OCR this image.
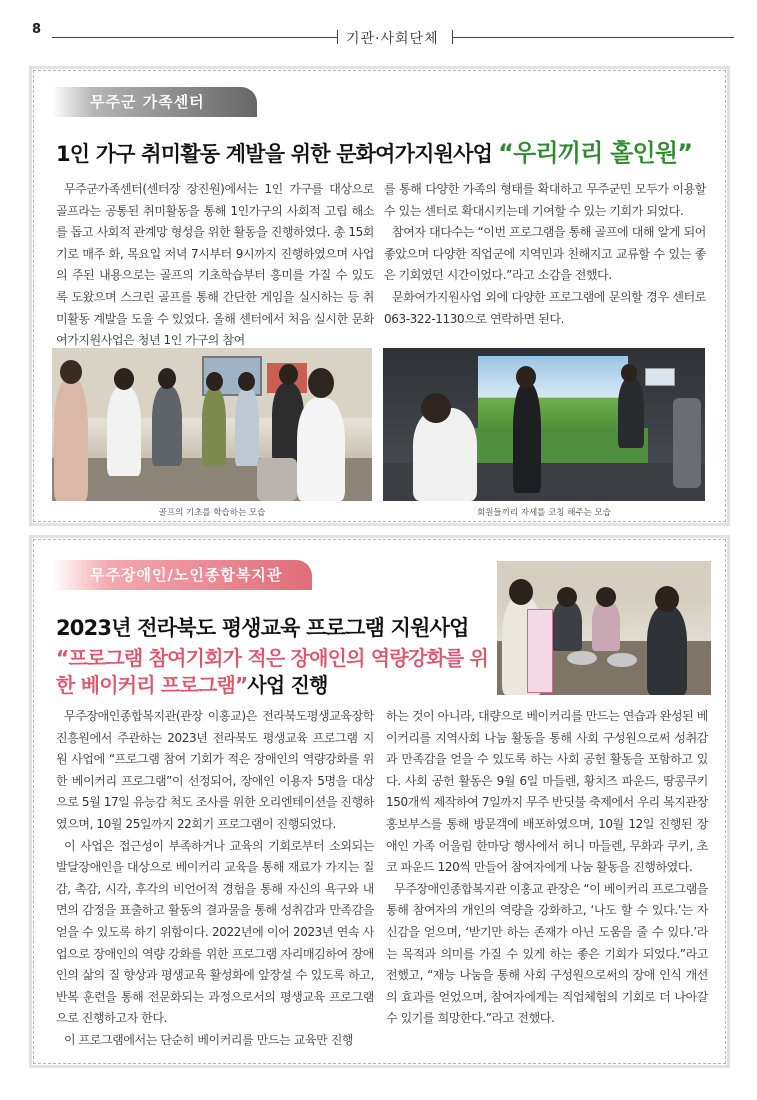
8
기관·사회단체
무주군 가족센터
1인 가구 취미활동 계발을 위한 문화여가지원사업 “우리끼리 홀인원”

무주군가족센터(센터장 장진원)에서는 1인 가구를 대상으로 골프라는 공통된 취미활동을 통해 1인가구의 사회적 고립 해소를 돕고 사회적 관계망 형성을 위한 활동을 진행하였다. 총 15회기로 매주 화, 목요일 저녁 7시부터 9시까지 진행하였으며 사업의 주된 내용으로는 골프의 기초학습부터 흥미를 가질 수 있도록 도왔으며 스크린 골프를 통해 간단한 게임을 실시하는 등 취미활동 계발을 도울 수 있었다. 올해 센터에서 처음 실시한 문화여가지원사업은 청년 1인 가구의 참여

를 통해 다양한 가족의 형태를 확대하고 무주군민 모두가 이용할 수 있는 센터로 확대시키는데 기여할 수 있는 기회가 되었다.

참여자 대다수는 “이번 프로그램을 통해 골프에 대해 알게 되어 좋았으며 다양한 직업군에 지역민과 친해지고 교류할 수 있는 좋은 기회였던 시간이었다.”라고 소감을 전했다.

문화여가지원사업 외에 다양한 프로그램에 문의할 경우 센터로 063-322-1130으로 연락하면 된다.

골프의 기초를 학습하는 모습	회원들끼리 자세를 코칭 해주는 모습
무주장애인/노인종합복지관
2023년 전라북도 평생교육 프로그램 지원사업
“프로그램 참여기회가 적은 장애인의 역량강화를 위한 베이커리 프로그램”사업 진행

무주장애인종합복지관(관장 이홍교)은 전라북도평생교육장학진흥원에서 주관하는 2023년 전라북도 평생교육 프로그램 지원 사업에 “프로그램 참여 기회가 적은 장애인의 역량강화를 위한 베이커리 프로그램”이 선정되어, 장애인 이용자 5명을 대상으로 5월 17일 유능감 척도 조사를 위한 오리엔테이션을 진행하였으며, 10월 25일까지 22회기 프로그램이 진행되었다.

이 사업은 접근성이 부족하거나 교육의 기회로부터 소외되는 발달장애인을 대상으로 베이커리 교육을 통해 재료가 가지는 질감, 촉감, 시각, 후각의 비언어적 경험을 통해 자신의 욕구와 내면의 감정을 표출하고 활동의 결과물을 통해 성취감과 만족감을 얻을 수 있도록 하기 위함이다. 2022년에 이어 2023년 연속 사업으로 장애인의 역량 강화를 위한 프로그램 자리매김하여 장애인의 삶의 질 향상과 평생교육 활성화에 앞장설 수 있도록 하고, 반복 훈련을 통해 전문화되는 과정으로서의 평생교육 프로그램으로 진행하고자 한다.

이 프로그램에서는 단순히 베이커리를 만드는 교육만 진행

하는 것이 아니라, 대량으로 베이커리를 만드는 연습과 완성된 베이커리를 지역사회 나눔 활동을 통해 사회 구성원으로써 성취감과 만족감을 얻을 수 있도록 하는 사회 공헌 활동을 포함하고 있다. 사회 공헌 활동은 9월 6일 마들렌, 황치즈 파운드, 땅콩쿠키 150개씩 제작하여 7일까지 무주 반딧불 축제에서 우리 복지관장 홍보부스를 통해 방문객에 배포하였으며, 10월 12일 진행된 장애인 가족 어울림 한마당 행사에서 허니 마들렌, 무화과 쿠키, 초코 파운드 120씩 만들어 참여자에게 나눔 활동을 진행하였다.

무주장애인종합복지관 이홍교 관장은 “이 베이커리 프로그램을 통해 참여자의 개인의 역량을 강화하고, ‘나도 할 수 있다.’는 자신감을 얻으며, ‘받기만 하는 존재가 아닌 도움을 줄 수 있다.’라는 목적과 의미를 가질 수 있게 하는 좋은 기회가 되었다.”라고 전했고, “재능 나눔을 통해 사회 구성원으로써의 장애 인식 개선의 효과를 얻었으며, 참여자에게는 직업체험의 기회로 더 나아갈 수 있기를 희망한다.”라고 전했다.
